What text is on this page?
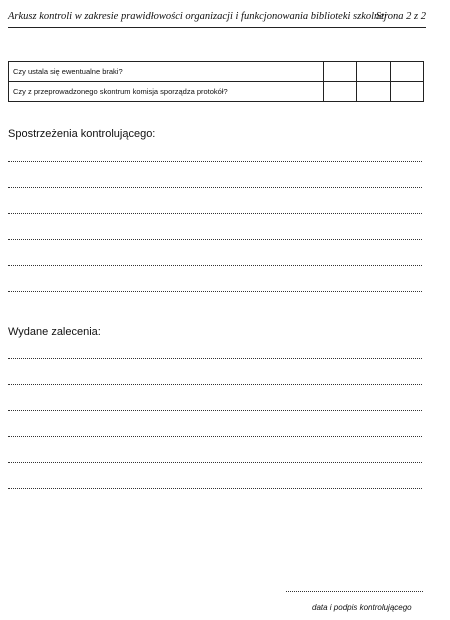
Arkusz kontroli w zakresie prawidłowości organizacji i funkcjonowania biblioteki szkolnej
Strona 2 z 2
Czy ustala się ewentualne braki?			
Czy z przeprowadzonego skontrum komisja sporządza protokół?			
Spostrzeżenia kontrolującego:
Wydane zalecenia:
data i podpis kontrolującego
